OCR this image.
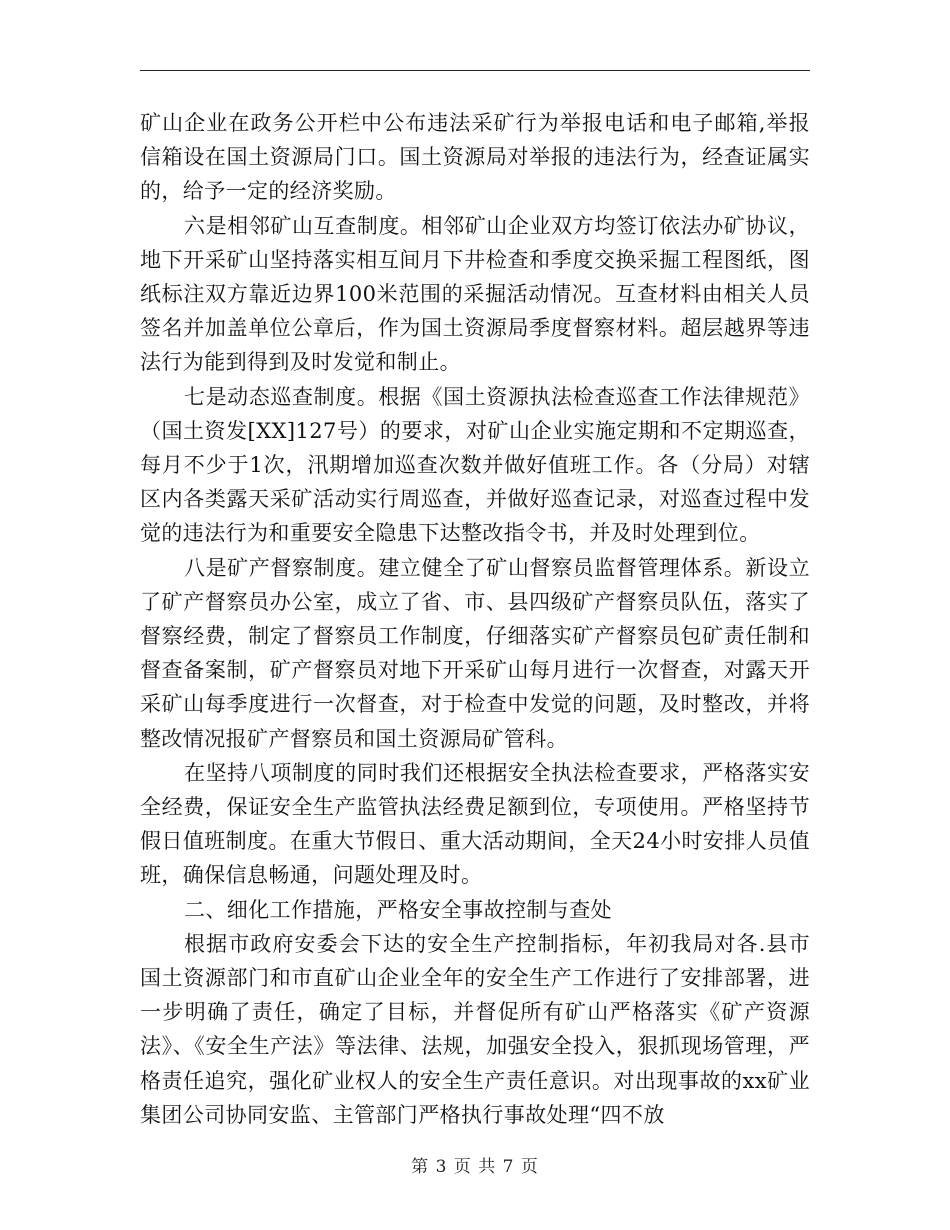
矿山企业在政务公开栏中公布违法采矿行为举报电话和电子邮箱,举报信箱设在国土资源局门口。国土资源局对举报的违法行为，经查证属实的，给予一定的经济奖励。

六是相邻矿山互查制度。相邻矿山企业双方均签订依法办矿协议，地下开采矿山坚持落实相互间月下井检查和季度交换采掘工程图纸，图纸标注双方靠近边界100米范围的采掘活动情况。互查材料由相关人员签名并加盖单位公章后，作为国土资源局季度督察材料。超层越界等违法行为能到得到及时发觉和制止。

七是动态巡查制度。根据《国土资源执法检查巡查工作法律规范》（国土资发[XX]127号）的要求，对矿山企业实施定期和不定期巡查，每月不少于1次，汛期增加巡查次数并做好值班工作。各（分局）对辖区内各类露天采矿活动实行周巡查，并做好巡查记录，对巡查过程中发觉的违法行为和重要安全隐患下达整改指令书，并及时处理到位。

八是矿产督察制度。建立健全了矿山督察员监督管理体系。新设立了矿产督察员办公室，成立了省、市、县四级矿产督察员队伍，落实了督察经费，制定了督察员工作制度，仔细落实矿产督察员包矿责任制和督查备案制，矿产督察员对地下开采矿山每月进行一次督查，对露天开采矿山每季度进行一次督查，对于检查中发觉的问题，及时整改，并将整改情况报矿产督察员和国土资源局矿管科。

在坚持八项制度的同时我们还根据安全执法检查要求，严格落实安全经费，保证安全生产监管执法经费足额到位，专项使用。严格坚持节假日值班制度。在重大节假日、重大活动期间，全天24小时安排人员值班，确保信息畅通，问题处理及时。

二、细化工作措施，严格安全事故控制与查处

根据市政府安委会下达的安全生产控制指标，年初我局对各.县市国土资源部门和市直矿山企业全年的安全生产工作进行了安排部署，进一步明确了责任，确定了目标，并督促所有矿山严格落实《矿产资源法》、《安全生产法》等法律、法规，加强安全投入，狠抓现场管理，严格责任追究，强化矿业权人的安全生产责任意识。对出现事故的xx矿业集团公司协同安监、主管部门严格执行事故处理“四不放

第 3 页 共 7 页
